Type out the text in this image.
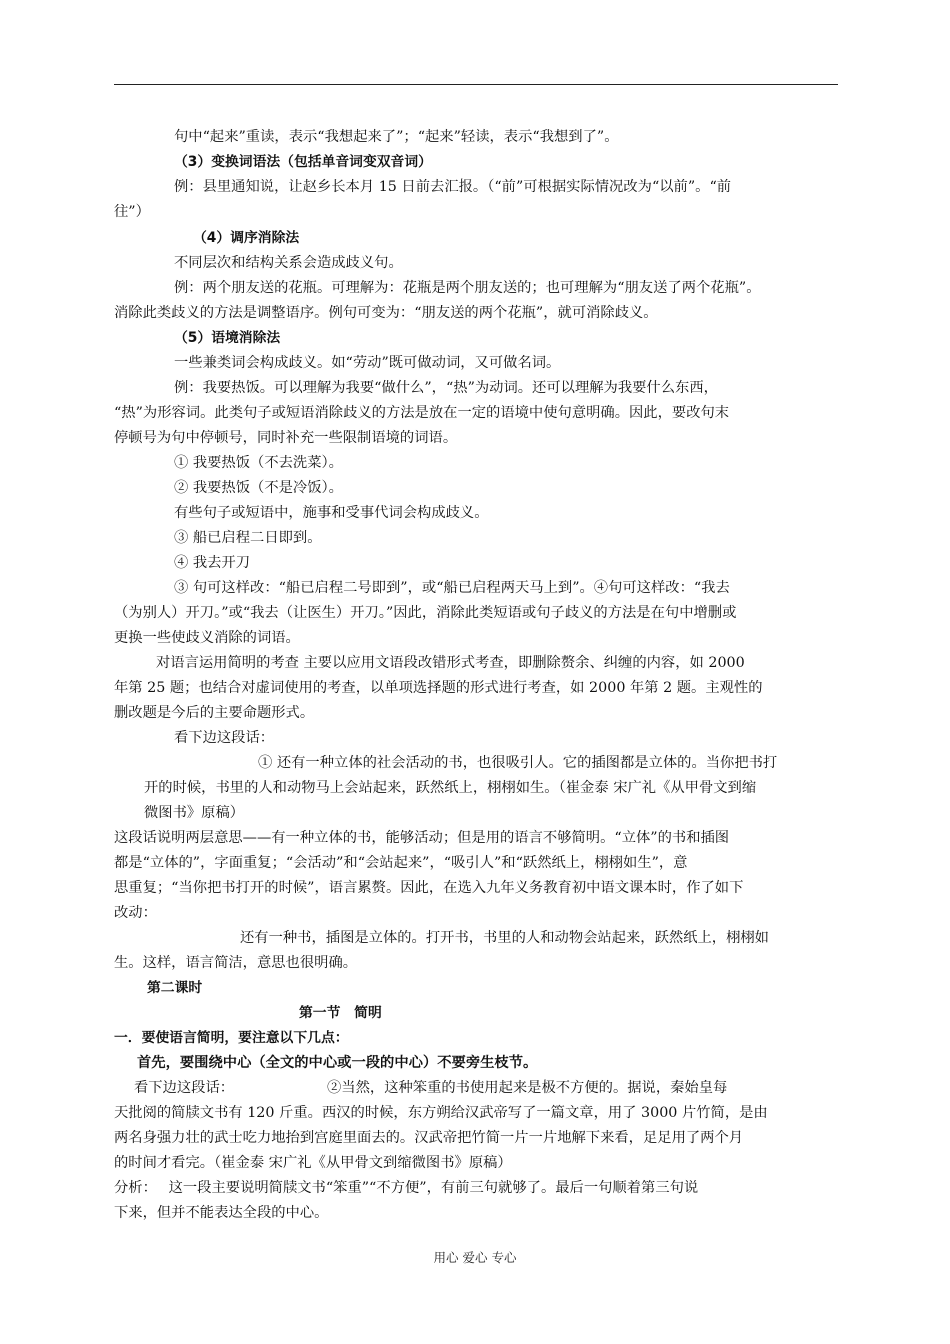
句中“起来”重读，表示“我想起来了”；“起来”轻读，表示“我想到了”。
（3）变换词语法（包括单音词变双音词）
例：县里通知说，让赵乡长本月 15 日前去汇报。（“前”可根据实际情况改为“以前”。“前
往”）
（4）调序消除法
不同层次和结构关系会造成歧义句。
例：两个朋友送的花瓶。可理解为：花瓶是两个朋友送的；也可理解为“朋友送了两个花瓶”。
消除此类歧义的方法是调整语序。例句可变为：“朋友送的两个花瓶”，就可消除歧义。
（5）语境消除法
一些兼类词会构成歧义。如“劳动”既可做动词，又可做名词。
例：我要热饭。可以理解为我要“做什么”，“热”为动词。还可以理解为我要什么东西，
“热”为形容词。此类句子或短语消除歧义的方法是放在一定的语境中使句意明确。因此，要改句末
停顿号为句中停顿号，同时补充一些限制语境的词语。
① 我要热饭（不去洗菜）。
② 我要热饭（不是冷饭）。
有些句子或短语中，施事和受事代词会构成歧义。
③ 船已启程二日即到。
④ 我去开刀
③ 句可这样改：“船已启程二号即到”，或“船已启程两天马上到”。④句可这样改：“我去
（为别人）开刀。”或“我去（让医生）开刀。”因此，消除此类短语或句子歧义的方法是在句中增删或
更换一些使歧义消除的词语。
对语言运用简明的考查 主要以应用文语段改错形式考查，即删除赘余、纠缠的内容，如 2000
年第 25 题；也结合对虚词使用的考查，以单项选择题的形式进行考查，如 2000 年第 2 题。主观性的
删改题是今后的主要命题形式。
看下边这段话：
① 还有一种立体的社会活动的书，也很吸引人。它的插图都是立体的。当你把书打
开的时候，书里的人和动物马上会站起来，跃然纸上，栩栩如生。（崔金泰 宋广礼《从甲骨文到缩
微图书》原稿）
这段话说明两层意思——有一种立体的书，能够活动；但是用的语言不够简明。“立体”的书和插图
都是“立体的”，字面重复；“会活动”和“会站起来”，“吸引人”和“跃然纸上，栩栩如生”，意
思重复；“当你把书打开的时候”，语言累赘。因此，在选入九年义务教育初中语文课本时，作了如下
改动：
还有一种书，插图是立体的。打开书，书里的人和动物会站起来，跃然纸上，栩栩如
生。这样，语言简洁，意思也很明确。
第二课时
第一节　简明
一．要使语言简明，要注意以下几点：
首先，要围绕中心（全文的中心或一段的中心）不要旁生枝节。
看下边这段话：　　　　　　　②当然，这种笨重的书使用起来是极不方便的。据说，秦始皇每
天批阅的简牍文书有 120 斤重。西汉的时候，东方朔给汉武帝写了一篇文章，用了 3000 片竹简，是由
两名身强力壮的武士吃力地抬到宫庭里面去的。汉武帝把竹简一片一片地解下来看，足足用了两个月
的时间才看完。（崔金泰 宋广礼《从甲骨文到缩微图书》原稿）
分析：　 这一段主要说明简牍文书“笨重”“不方便”，有前三句就够了。最后一句顺着第三句说
下来，但并不能表达全段的中心。
用心 爱心 专心
